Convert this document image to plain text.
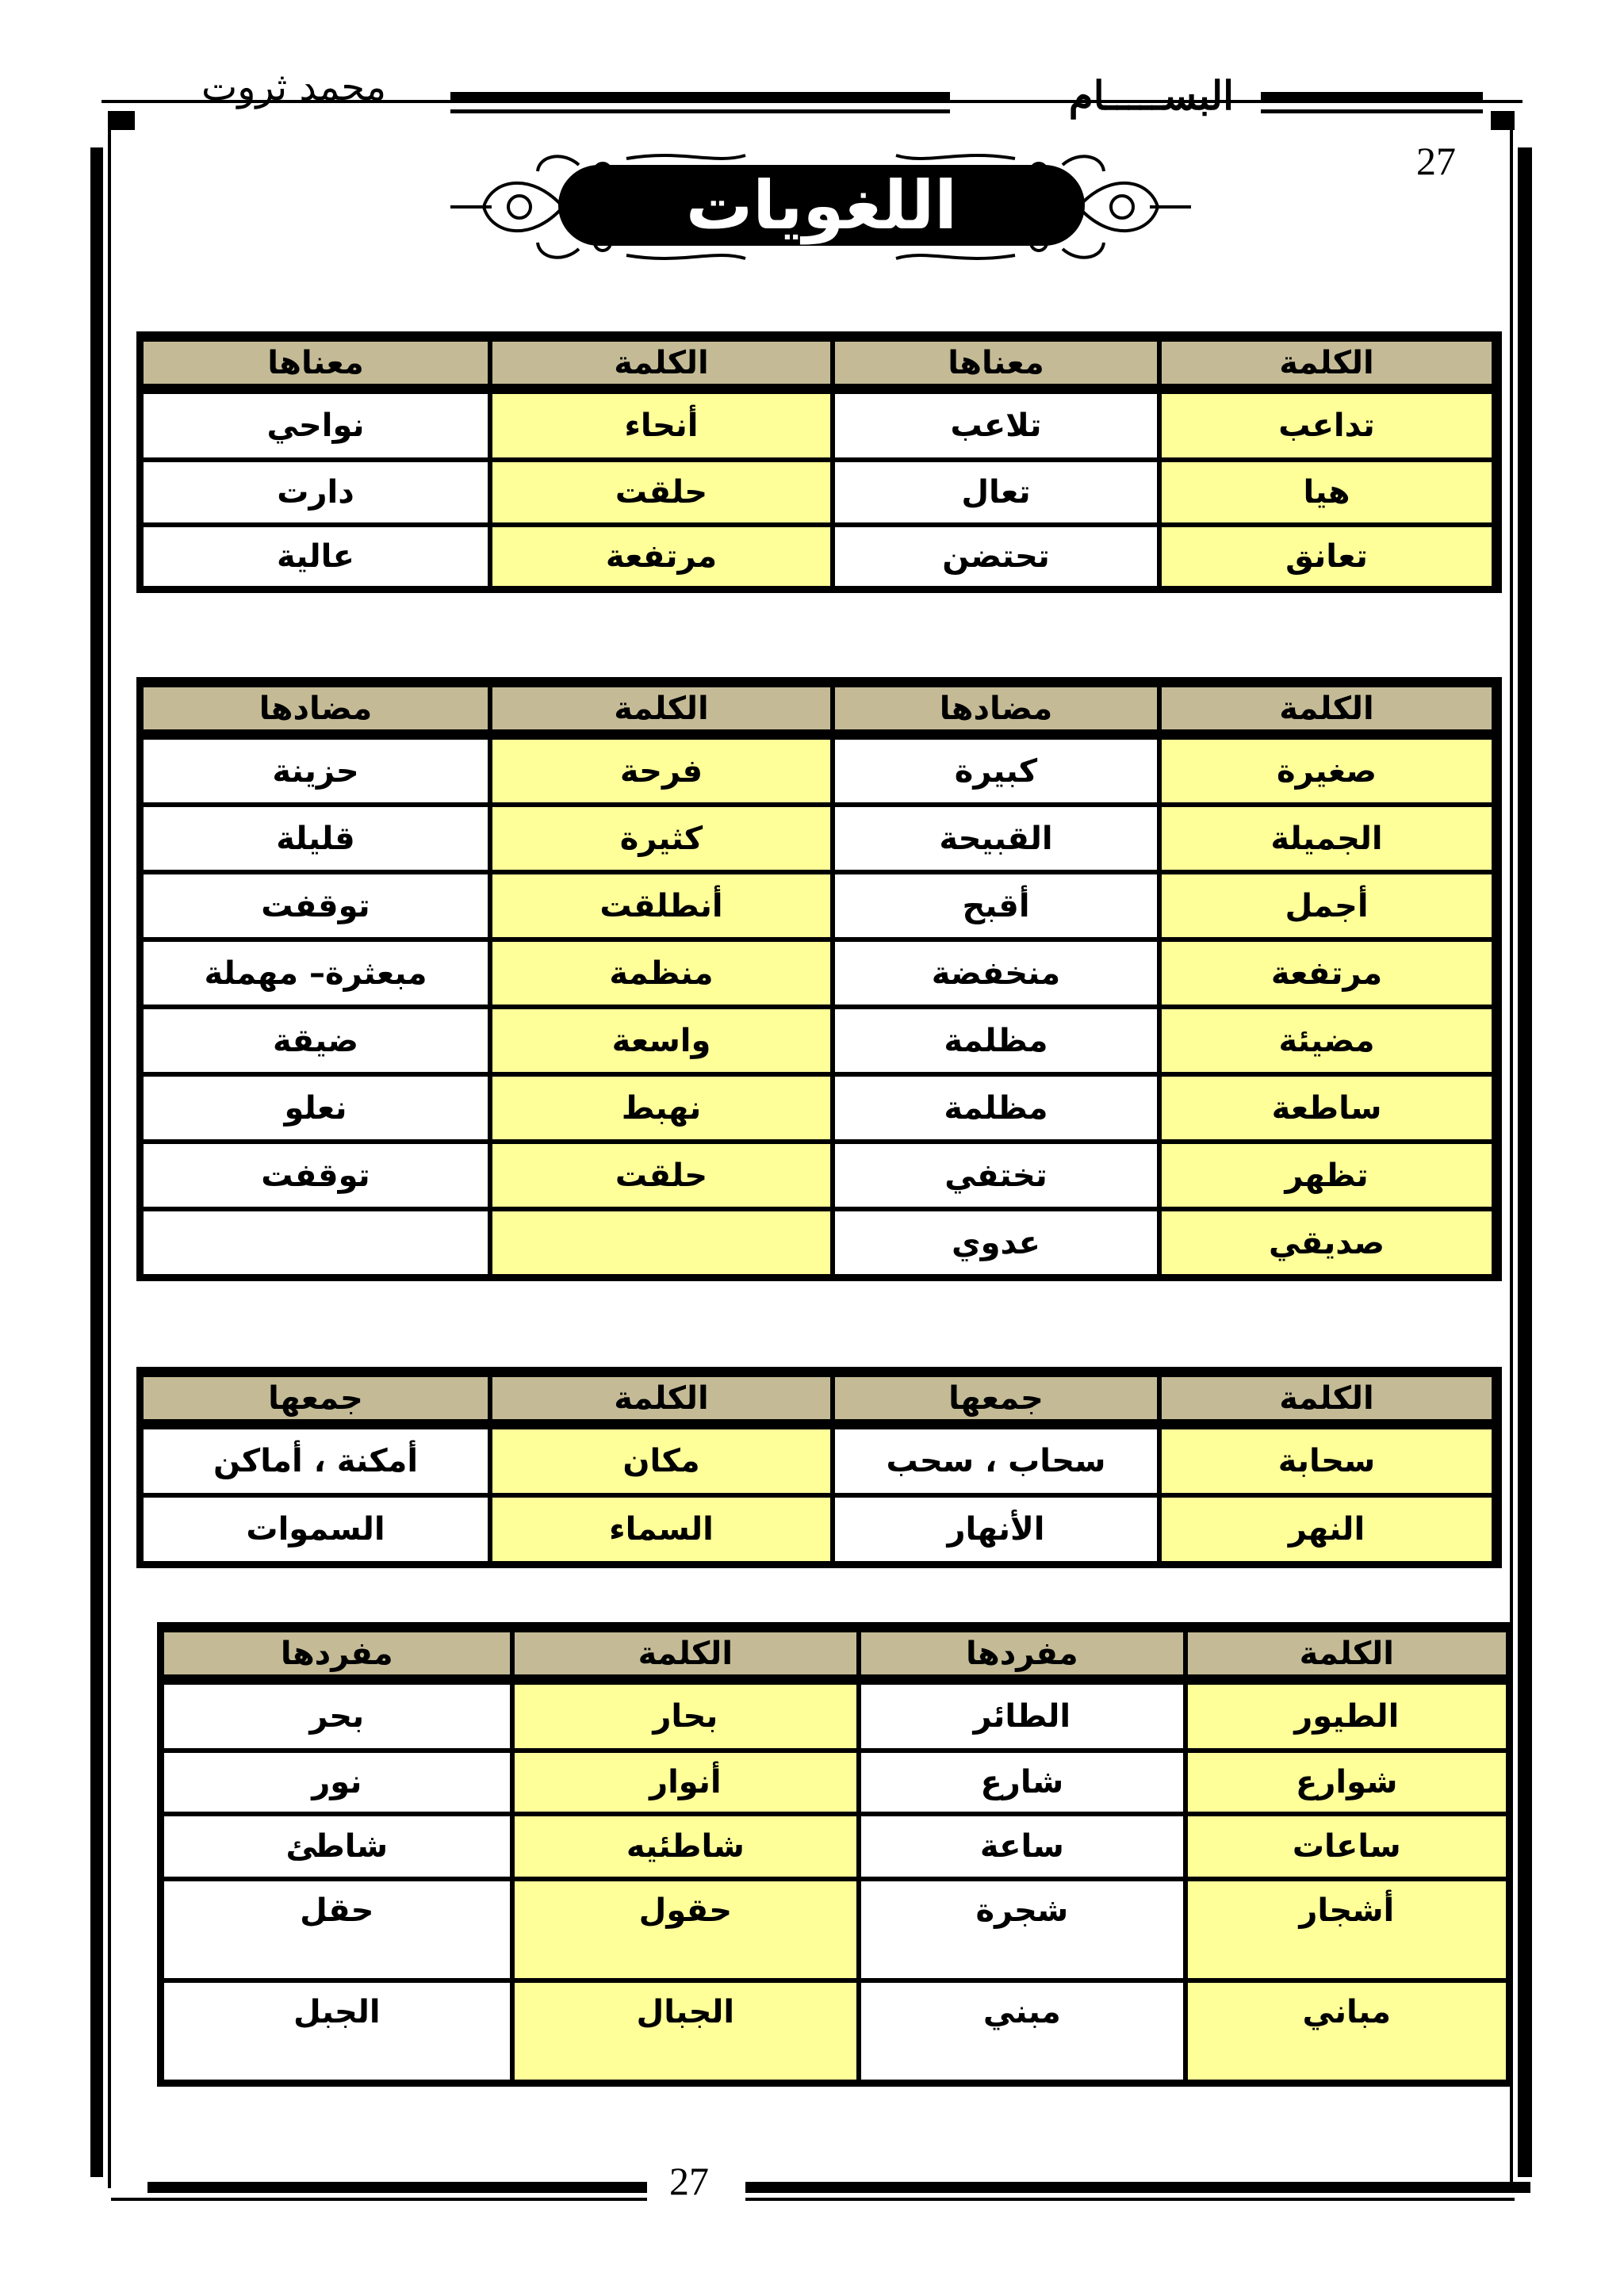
البســـــام
محمد ثروت
27
اللغويات
الكلمة	معناها	الكلمة	معناها
تداعب	تلاعب	أنحاء	نواحي
هيا	تعال	حلقت	دارت
تعانق	تحتضن	مرتفعة	عالية
الكلمة	مضادها	الكلمة	مضادها
صغيرة	كبيرة	فرحة	حزينة
الجميلة	القبيحة	كثيرة	قليلة
أجمل	أقبح	أنطلقت	توقفت
مرتفعة	منخفضة	منظمة	مبعثرة– مهملة
مضيئة	مظلمة	واسعة	ضيقة
ساطعة	مظلمة	نهبط	نعلو
تظهر	تختفي	حلقت	توقفت
صديقي	عدوي		
الكلمة	جمعها	الكلمة	جمعها
سحابة	سحاب ، سحب	مكان	أمكنة ، أماكن
النهر	الأنهار	السماء	السموات
الكلمة	مفردها	الكلمة	مفردها
الطيور	الطائر	بحار	بحر
شوارع	شارع	أنوار	نور
ساعات	ساعة	شاطئيه	شاطئ
أشجار	شجرة	حقول	حقل
مباني	مبني	الجبال	الجبل
27
